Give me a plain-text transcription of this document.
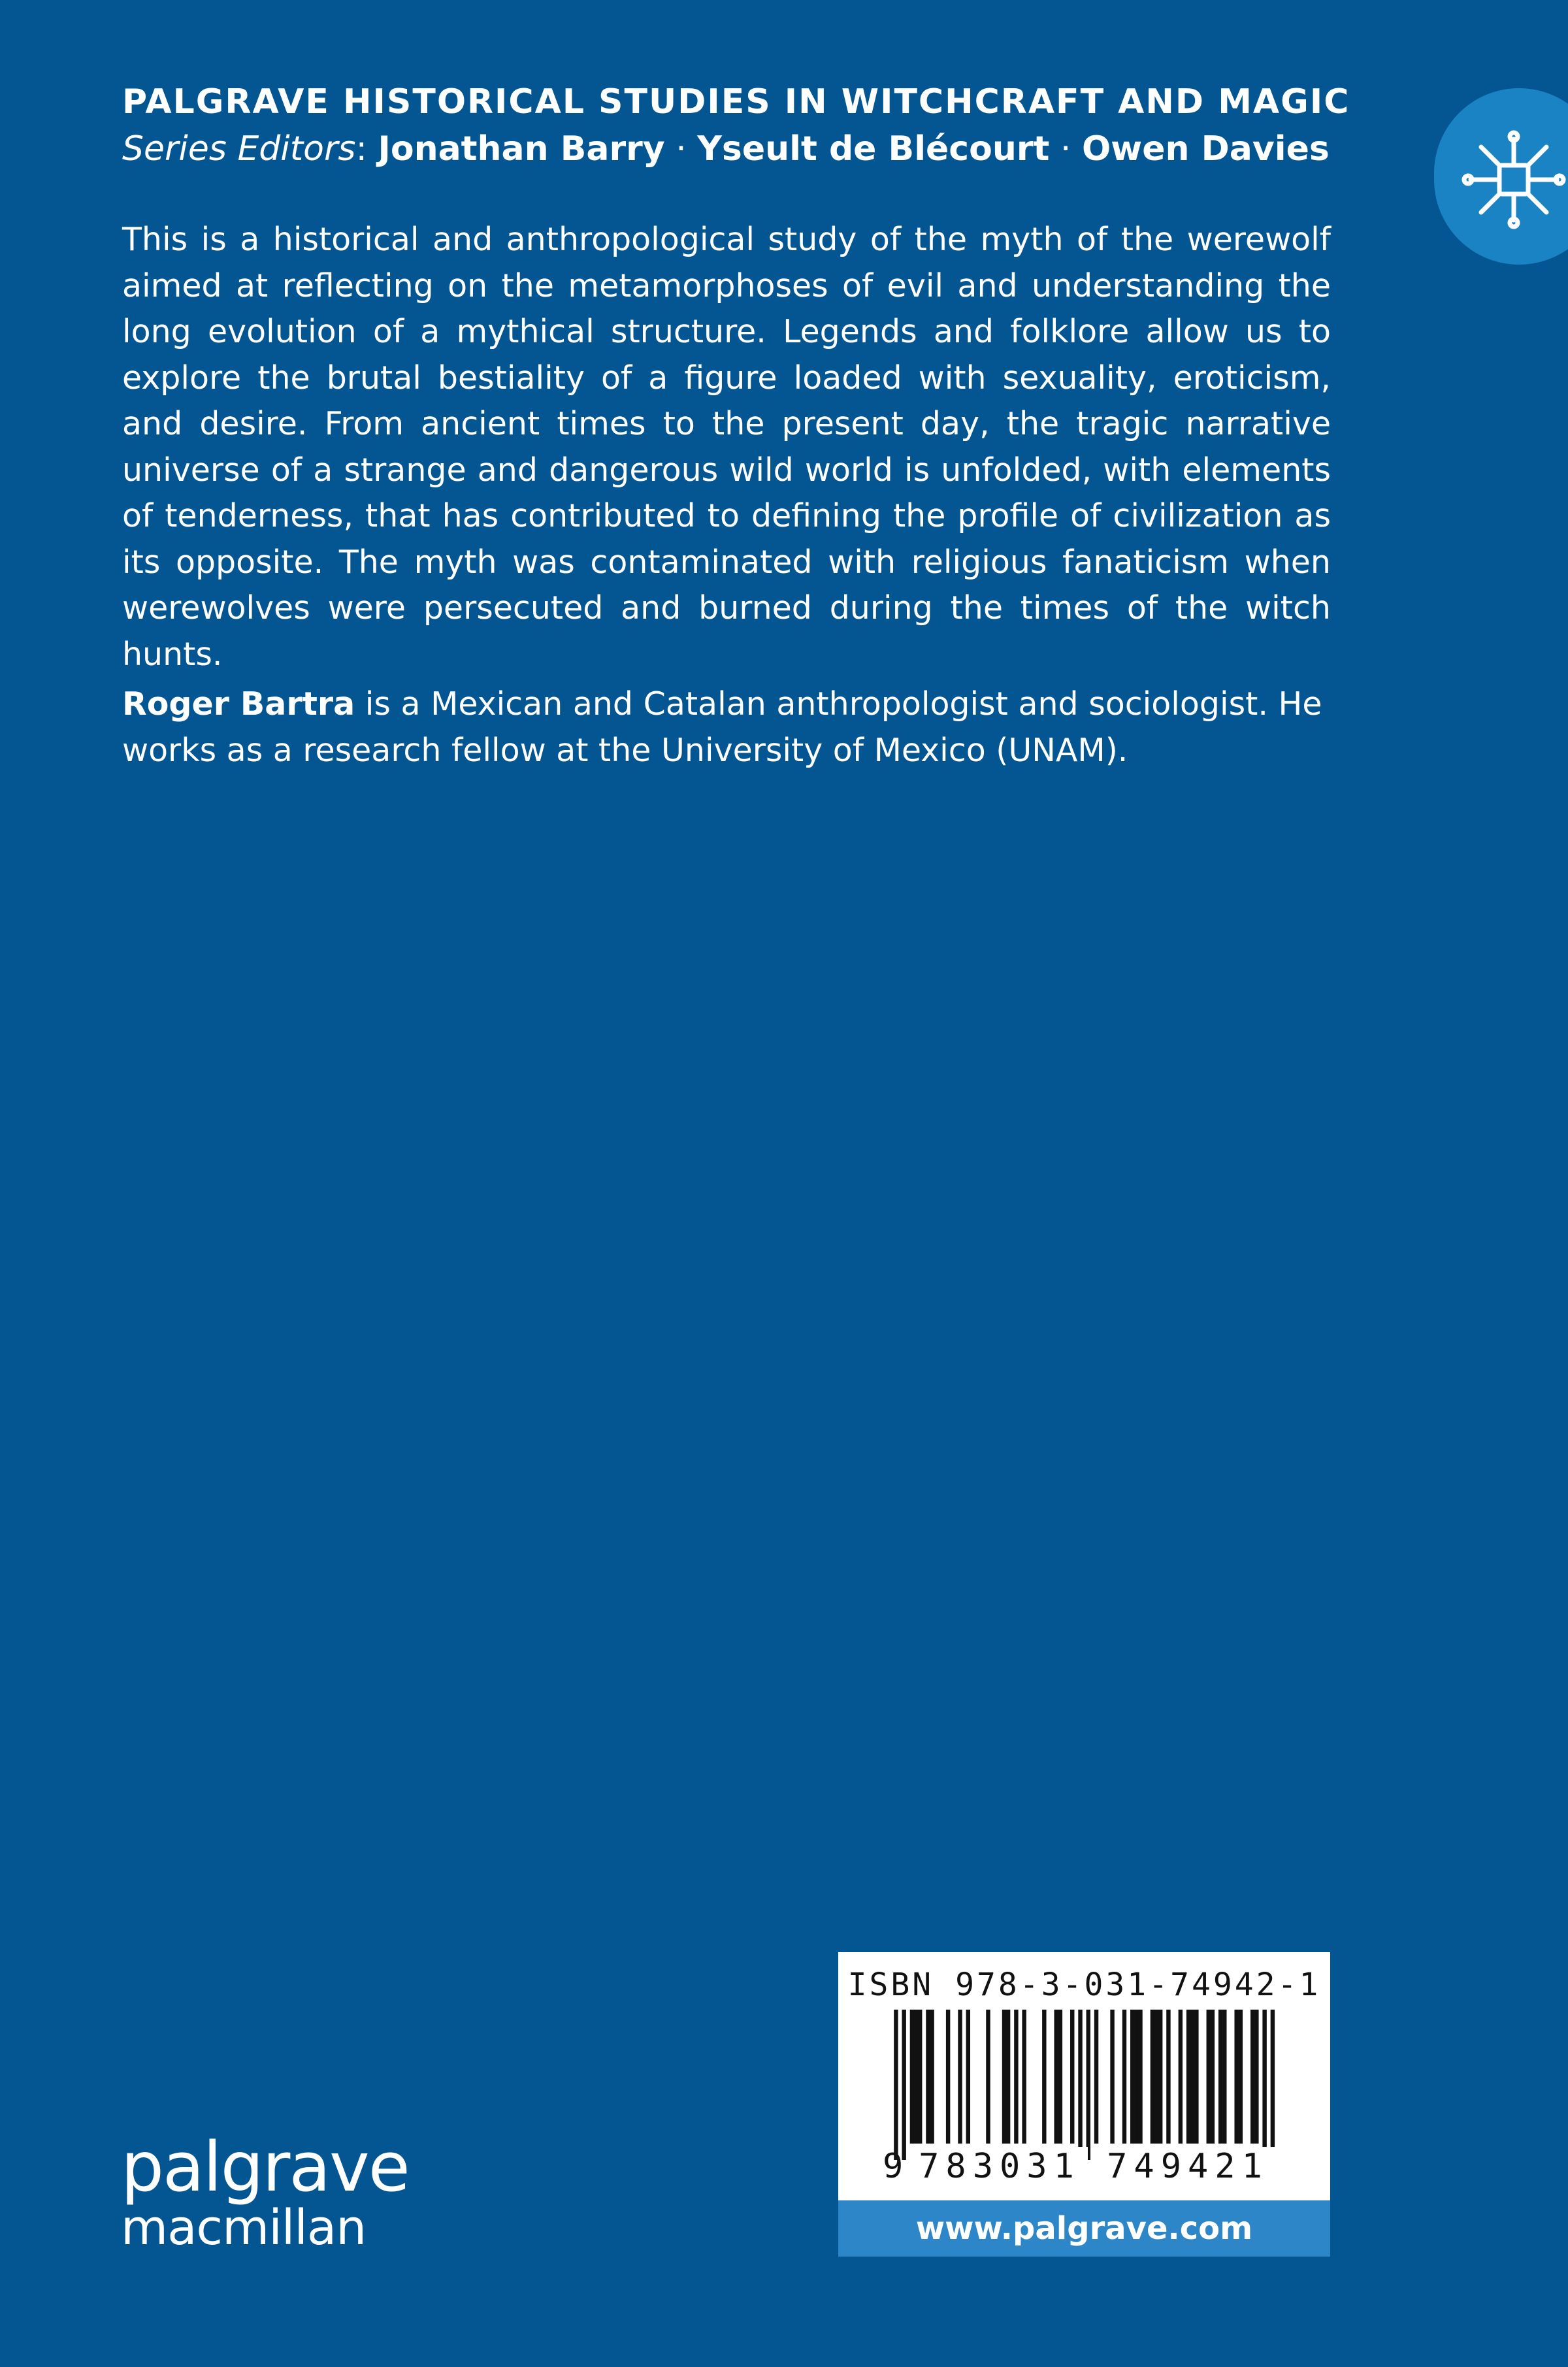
PALGRAVE HISTORICAL STUDIES IN WITCHCRAFT AND MAGIC
Series Editors: Jonathan Barry · Yseult de Blécourt · Owen Davies

This is a historical and anthropological study of the myth of the werewolf aimed at reflecting on the metamorphoses of evil and understanding the long evolution of a mythical structure. Legends and folklore allow us to explore the brutal bestiality of a figure loaded with sexuality, eroticism, and desire. From ancient times to the present day, the tragic narrative universe of a strange and dangerous wild world is unfolded, with elements of tenderness, that has contributed to defining the profile of civilization as its opposite. The myth was contaminated with religious fanaticism when werewolves were persecuted and burned during the times of the witch hunts.

Roger Bartra is a Mexican and Catalan anthropologist and sociologist. He works as a research fellow at the University of Mexico (UNAM).

palgrave
macmillan
ISBN 978-3-031-74942-1
9 783031 749421
www.palgrave.com
